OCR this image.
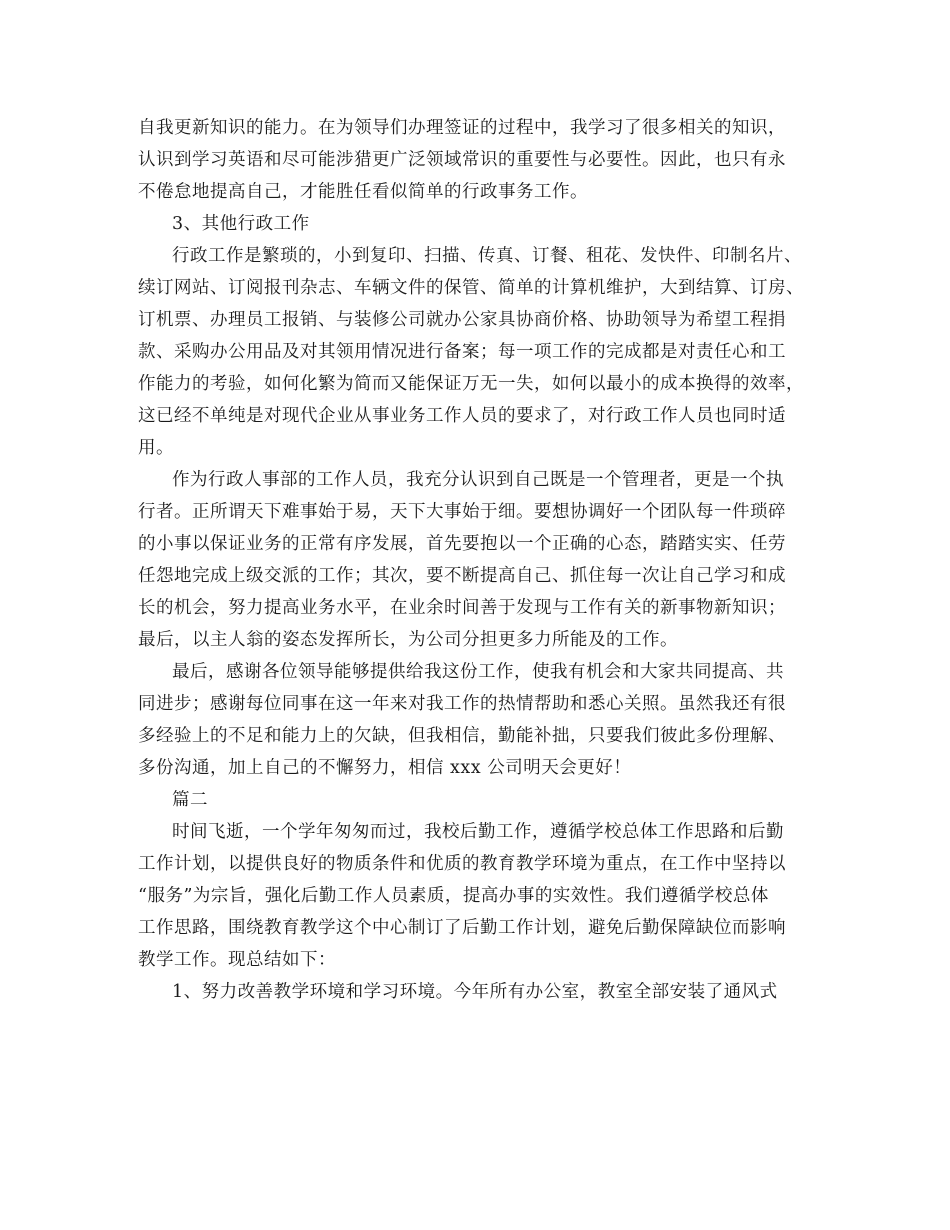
自我更新知识的能力。在为领导们办理签证的过程中，我学习了很多相关的知识，
认识到学习英语和尽可能涉猎更广泛领域常识的重要性与必要性。因此，也只有永
不倦怠地提高自己，才能胜任看似简单的行政事务工作。
3、其他行政工作
行政工作是繁琐的，小到复印、扫描、传真、订餐、租花、发快件、印制名片、
续订网站、订阅报刊杂志、车辆文件的保管、简单的计算机维护，大到结算、订房、
订机票、办理员工报销、与装修公司就办公家具协商价格、协助领导为希望工程捐
款、采购办公用品及对其领用情况进行备案；每一项工作的完成都是对责任心和工
作能力的考验，如何化繁为简而又能保证万无一失，如何以最小的成本换得的效率，
这已经不单纯是对现代企业从事业务工作人员的要求了，对行政工作人员也同时适
用。
作为行政人事部的工作人员，我充分认识到自己既是一个管理者，更是一个执
行者。正所谓天下难事始于易，天下大事始于细。要想协调好一个团队每一件琐碎
的小事以保证业务的正常有序发展，首先要抱以一个正确的心态，踏踏实实、任劳
任怨地完成上级交派的工作；其次，要不断提高自己、抓住每一次让自己学习和成
长的机会，努力提高业务水平，在业余时间善于发现与工作有关的新事物新知识；
最后，以主人翁的姿态发挥所长，为公司分担更多力所能及的工作。
最后，感谢各位领导能够提供给我这份工作，使我有机会和大家共同提高、共
同进步；感谢每位同事在这一年来对我工作的热情帮助和悉心关照。虽然我还有很
多经验上的不足和能力上的欠缺，但我相信，勤能补拙，只要我们彼此多份理解、
多份沟通，加上自己的不懈努力，相信 xxx 公司明天会更好！
篇二
时间飞逝，一个学年匆匆而过，我校后勤工作，遵循学校总体工作思路和后勤
工作计划，以提供良好的物质条件和优质的教育教学环境为重点，在工作中坚持以
“服务”为宗旨，强化后勤工作人员素质，提高办事的实效性。我们遵循学校总体
工作思路，围绕教育教学这个中心制订了后勤工作计划，避免后勤保障缺位而影响
教学工作。现总结如下：
1、努力改善教学环境和学习环境。今年所有办公室，教室全部安装了通风式
